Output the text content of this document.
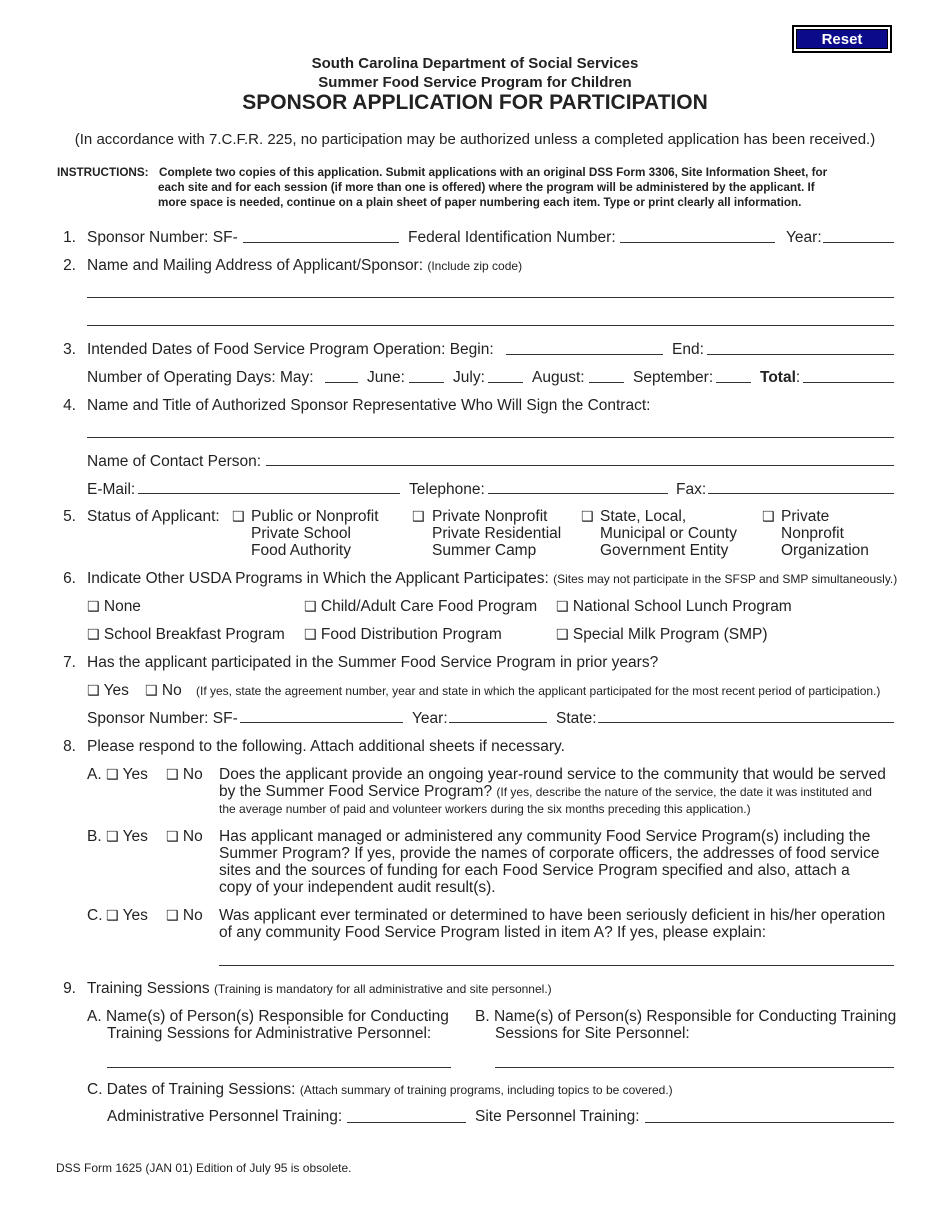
Reset
South Carolina Department of Social Services
Summer Food Service Program for Children
SPONSOR APPLICATION FOR PARTICIPATION
(In accordance with 7.C.F.R. 225, no participation may be authorized unless a completed application has been received.)
INSTRUCTIONS: Complete two copies of this application. Submit applications with an original DSS Form 3306, Site Information Sheet, for
each site and for each session (if more than one is offered) where the program will be administered by the applicant. If
more space is needed, continue on a plain sheet of paper numbering each item. Type or print clearly all information.
1. Sponsor Number: SF-	Federal Identification Number:	Year:
2. Name and Mailing Address of Applicant/Sponsor: (Include zip code)
3. Intended Dates of Food Service Program Operation: Begin:	End:
Number of Operating Days: May:	June:	July:	August:	September:	Total:
4. Name and Title of Authorized Sponsor Representative Who Will Sign the Contract:
Name of Contact Person:
E-Mail:	Telephone:	Fax:
5. Status of Applicant: ❑ Public or Nonprofit
Private School
Food Authority
❑ Private Nonprofit
Private Residential
Summer Camp
❑ State, Local,
Municipal or County
Government Entity
❑ Private
Nonprofit
Organization
6. Indicate Other USDA Programs in Which the Applicant Participates: (Sites may not participate in the SFSP and SMP simultaneously.)
❑ None	❑ Child/Adult Care Food Program ❑ National School Lunch Program
❑ School Breakfast Program ❑ Food Distribution Program	❑ Special Milk Program (SMP)
7. Has the applicant participated in the Summer Food Service Program in prior years?
❑ Yes ❑ No (If yes, state the agreement number, year and state in which the applicant participated for the most recent period of participation.)
Sponsor Number: SF-	Year:	State:
8. Please respond to the following. Attach additional sheets if necessary.
A. ❑ Yes ❑ No Does the applicant provide an ongoing year-round service to the community that would be served
by the Summer Food Service Program? (If yes, describe the nature of the service, the date it was instituted and
the average number of paid and volunteer workers during the six months preceding this application.)
B. ❑ Yes ❑ No Has applicant managed or administered any community Food Service Program(s) including the
Summer Program? If yes, provide the names of corporate officers, the addresses of food service
sites and the sources of funding for each Food Service Program specified and also, attach a
copy of your independent audit result(s).
C. ❑ Yes ❑ No Was applicant ever terminated or determined to have been seriously deficient in his/her operation
of any community Food Service Program listed in item A? If yes, please explain:
9. Training Sessions (Training is mandatory for all administrative and site personnel.)
A. Name(s) of Person(s) Responsible for Conducting
Training Sessions for Administrative Personnel:
B. Name(s) of Person(s) Responsible for Conducting Training
Sessions for Site Personnel:
C. Dates of Training Sessions: (Attach summary of training programs, including topics to be covered.)
Administrative Personnel Training:	Site Personnel Training:
DSS Form 1625 (JAN 01) Edition of July 95 is obsolete.
